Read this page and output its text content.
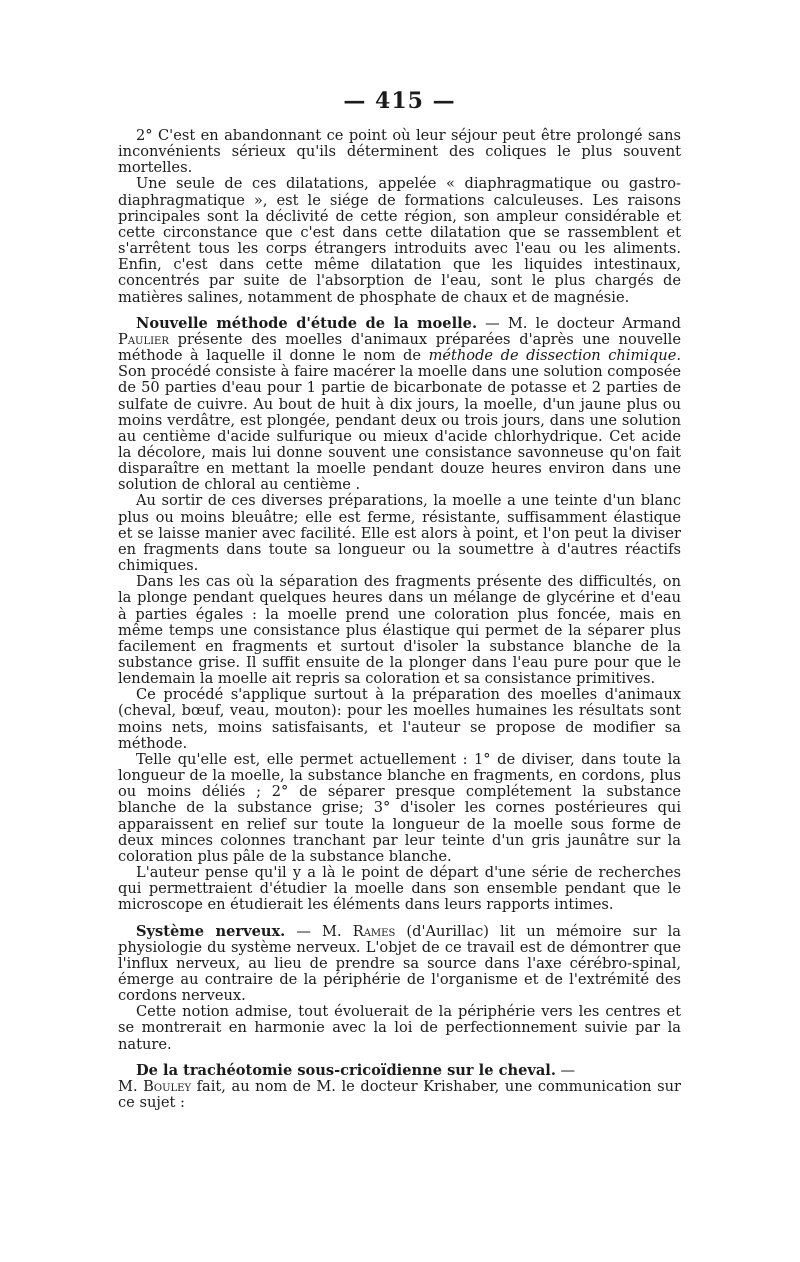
— 415 —

2° C'est en abandonnant ce point où leur séjour peut être prolongé sans inconvénients sérieux qu'ils déterminent des coliques le plus souvent mortelles.

Une seule de ces dilatations, appelée « diaphragmatique ou gastro-diaphragmatique », est le siége de formations calculeuses. Les raisons principales sont la déclivité de cette région, son ampleur considérable et cette circonstance que c'est dans cette dilatation que se rassemblent et s'arrêtent tous les corps étrangers introduits avec l'eau ou les aliments. Enfin, c'est dans cette même dilatation que les liquides intestinaux, concentrés par suite de l'absorption de l'eau, sont le plus chargés de matières salines, notamment de phosphate de chaux et de magnésie.

Nouvelle méthode d'étude de la moelle. — M. le docteur Armand Paulier présente des moelles d'animaux préparées d'après une nouvelle méthode à laquelle il donne le nom de méthode de dissection chimique. Son procédé consiste à faire macérer la moelle dans une solution composée de 50 parties d'eau pour 1 partie de bicarbonate de potasse et 2 parties de sulfate de cuivre. Au bout de huit à dix jours, la moelle, d'un jaune plus ou moins verdâtre, est plongée, pendant deux ou trois jours, dans une solution au centième d'acide sulfurique ou mieux d'acide chlorhydrique. Cet acide la décolore, mais lui donne souvent une consistance savonneuse qu'on fait disparaître en mettant la moelle pendant douze heures environ dans une solution de chloral au centième .

Au sortir de ces diverses préparations, la moelle a une teinte d'un blanc plus ou moins bleuâtre; elle est ferme, résistante, suffisamment élastique et se laisse manier avec facilité. Elle est alors à point, et l'on peut la diviser en fragments dans toute sa longueur ou la soumettre à d'autres réactifs chimiques.

Dans les cas où la séparation des fragments présente des difficultés, on la plonge pendant quelques heures dans un mélange de glycérine et d'eau à parties égales : la moelle prend une coloration plus foncée, mais en même temps une consistance plus élastique qui permet de la séparer plus facilement en fragments et surtout d'isoler la substance blanche de la substance grise. Il suffit ensuite de la plonger dans l'eau pure pour que le lendemain la moelle ait repris sa coloration et sa consistance primitives.

Ce procédé s'applique surtout à la préparation des moelles d'animaux (cheval, bœuf, veau, mouton): pour les moelles humaines les résultats sont moins nets, moins satisfaisants, et l'auteur se propose de modifier sa méthode.

Telle qu'elle est, elle permet actuellement : 1° de diviser, dans toute la longueur de la moelle, la substance blanche en fragments, en cordons, plus ou moins déliés ; 2° de séparer presque complétement la substance blanche de la substance grise; 3° d'isoler les cornes postérieures qui apparaissent en relief sur toute la longueur de la moelle sous forme de deux minces colonnes tranchant par leur teinte d'un gris jaunâtre sur la coloration plus pâle de la substance blanche.

L'auteur pense qu'il y a là le point de départ d'une série de recherches qui permettraient d'étudier la moelle dans son ensemble pendant que le microscope en étudierait les éléments dans leurs rapports intimes.

Système nerveux. — M. Rames (d'Aurillac) lit un mémoire sur la physiologie du système nerveux. L'objet de ce travail est de démontrer que l'influx nerveux, au lieu de prendre sa source dans l'axe cérébro-spinal, émerge au contraire de la périphérie de l'organisme et de l'extrémité des cordons nerveux.

Cette notion admise, tout évoluerait de la périphérie vers les centres et se montrerait en harmonie avec la loi de perfectionnement suivie par la nature.

De la trachéotomie sous-cricoïdienne sur le cheval. —

M. Bouley fait, au nom de M. le docteur Krishaber, une communication sur ce sujet :
